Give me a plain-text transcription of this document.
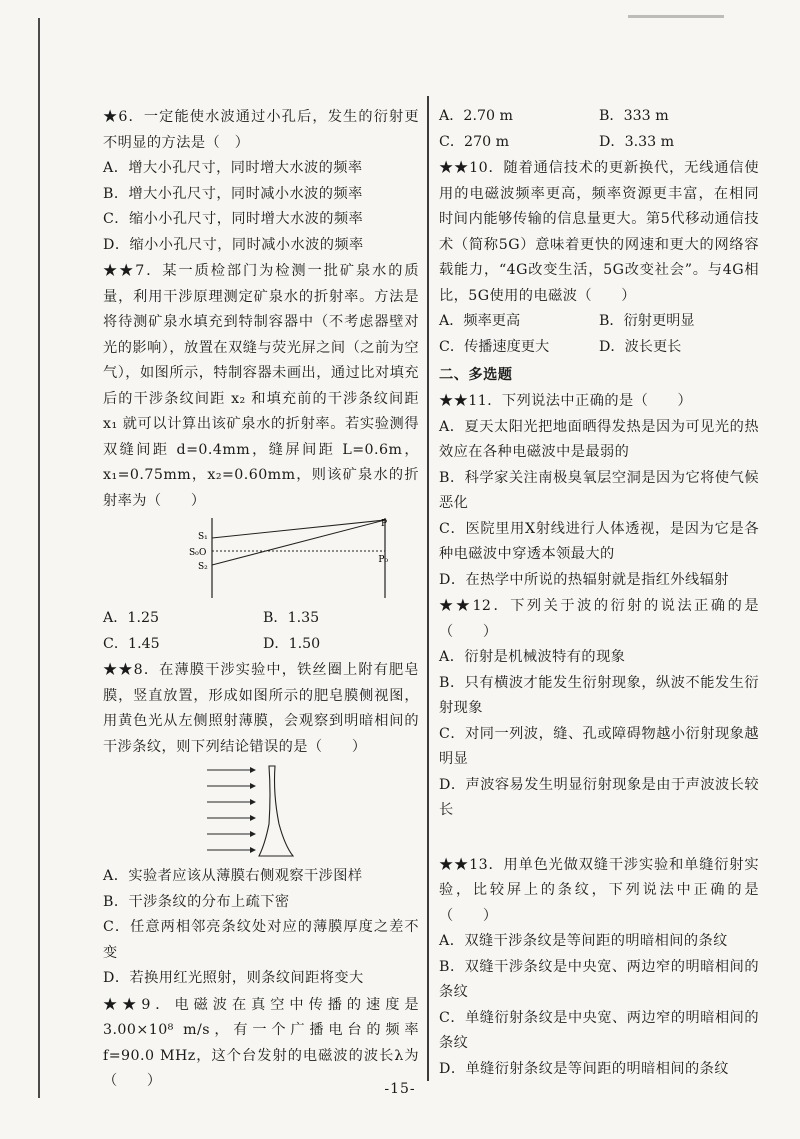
★6．一定能使水波通过小孔后，发生的衍射更不明显的方法是（　）

A．增大小孔尺寸，同时增大水波的频率

B．增大小孔尺寸，同时减小水波的频率

C．缩小小孔尺寸，同时增大水波的频率

D．缩小小孔尺寸，同时减小水波的频率

★★7．某一质检部门为检测一批矿泉水的质量，利用干涉原理测定矿泉水的折射率。方法是将待测矿泉水填充到特制容器中（不考虑器壁对光的影响），放置在双缝与荧光屏之间（之前为空气），如图所示，特制容器未画出，通过比对填充后的干涉条纹间距 x₂ 和填充前的干涉条纹间距 x₁ 就可以计算出该矿泉水的折射率。若实验测得双缝间距 d=0.4mm，缝屏间距 L=0.6m，x₁=0.75mm，x₂=0.60mm，则该矿泉水的折射率为（　　）

S₀
S₁
O
S₂
P
P₀
A．1.25	B．1.35
C．1.45	D．1.50

★★8．在薄膜干涉实验中，铁丝圈上附有肥皂膜，竖直放置，形成如图所示的肥皂膜侧视图，用黄色光从左侧照射薄膜，会观察到明暗相间的干涉条纹，则下列结论错误的是（　　）

A．实验者应该从薄膜右侧观察干涉图样

B．干涉条纹的分布上疏下密

C．任意两相邻亮条纹处对应的薄膜厚度之差不变

D．若换用红光照射，则条纹间距将变大

★★9．电磁波在真空中传播的速度是 3.00×10⁸ m/s，有一个广播电台的频率 f=90.0 MHz，这个台发射的电磁波的波长λ为（　　）

A．2.70 m	B．333 m
C．270 m	D．3.33 m

★★10．随着通信技术的更新换代，无线通信使用的电磁波频率更高，频率资源更丰富，在相同时间内能够传输的信息量更大。第5代移动通信技术（简称5G）意味着更快的网速和更大的网络容载能力，“4G改变生活，5G改变社会”。与4G相比，5G使用的电磁波（　　）

A．频率更高	B．衍射更明显
C．传播速度更大	D．波长更长

二、多选题

★★11．下列说法中正确的是（　　）

A．夏天太阳光把地面晒得发热是因为可见光的热效应在各种电磁波中是最弱的

B．科学家关注南极臭氧层空洞是因为它将使气候恶化

C．医院里用X射线进行人体透视，是因为它是各种电磁波中穿透本领最大的

D．在热学中所说的热辐射就是指红外线辐射

★★12．下列关于波的衍射的说法正确的是（　　）

A．衍射是机械波特有的现象

B．只有横波才能发生衍射现象，纵波不能发生衍射现象

C．对同一列波，缝、孔或障碍物越小衍射现象越明显

D．声波容易发生明显衍射现象是由于声波波长较长

★★13．用单色光做双缝干涉实验和单缝衍射实验，比较屏上的条纹，下列说法中正确的是（　　）

A．双缝干涉条纹是等间距的明暗相间的条纹

B．双缝干涉条纹是中央宽、两边窄的明暗相间的条纹

C．单缝衍射条纹是中央宽、两边窄的明暗相间的条纹

D．单缝衍射条纹是等间距的明暗相间的条纹

-15-
